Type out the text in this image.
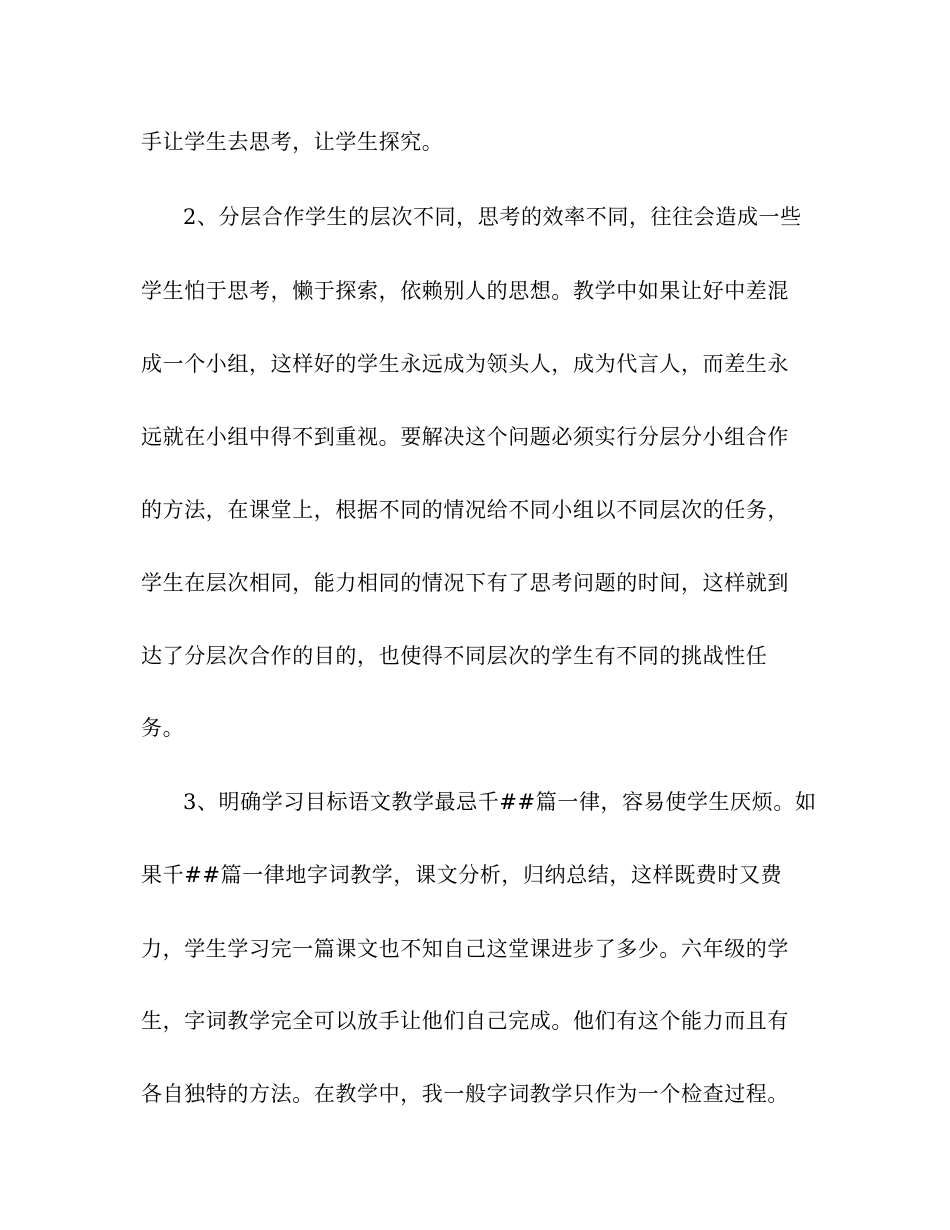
手让学生去思考，让学生探究。
2、分层合作学生的层次不同，思考的效率不同，往往会造成一些
学生怕于思考，懒于探索，依赖别人的思想。教学中如果让好中差混
成一个小组，这样好的学生永远成为领头人，成为代言人，而差生永
远就在小组中得不到重视。要解决这个问题必须实行分层分小组合作
的方法，在课堂上，根据不同的情况给不同小组以不同层次的任务，
学生在层次相同，能力相同的情况下有了思考问题的时间，这样就到
达了分层次合作的目的，也使得不同层次的学生有不同的挑战性任
务。
3、明确学习目标语文教学最忌千##篇一律，容易使学生厌烦。如
果千##篇一律地字词教学，课文分析，归纳总结，这样既费时又费
力，学生学习完一篇课文也不知自己这堂课进步了多少。六年级的学
生，字词教学完全可以放手让他们自己完成。他们有这个能力而且有
各自独特的方法。在教学中，我一般字词教学只作为一个检查过程。
